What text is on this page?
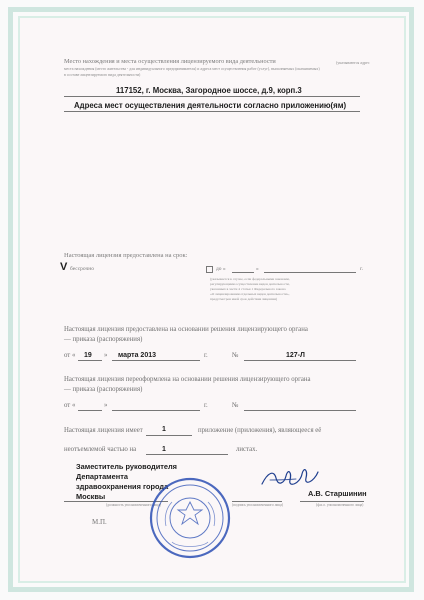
Место нахождения и места осуществления лицензируемого вида деятельности	(указываются адрес
места нахождения (место жительства - для индивидуального предпринимателя) и адреса мест осуществления работ (услуг), выполняемых (оказываемых)
в составе лицензируемого вида деятельности)
117152, г. Москва, Загородное шоссе, д.9, корп.3
Адреса мест осуществления деятельности согласно приложению(ям)
Настоящая лицензия предоставлена на срок:
V бессрочно	до «	»	г.
(указывается в случае, если федеральными законами,
регулирующими осуществление видов деятельности,
указанных в части 4 статьи 1 Федерального закона
«О лицензировании отдельных видов деятельности»,
предусмотрен иной срок действия лицензии)
Настоящая лицензия предоставлена на основании решения лицензирующего органа
— приказа (распоряжения)
от « 19 » марта 2013	г.	№	127-Л
Настоящая лицензия переоформлена на основании решения лицензирующего органа
— приказа (распоряжения)
от «	»	г.	№
Настоящая лицензия имеет	1	приложение (приложения), являющееся её
неотъемлемой частью на	1	листах.
Заместитель руководителя
Департамента
здравоохранения города
Москвы
(должность уполномоченного лица)	(подпись уполномоченного лица)
А.В. Старшинин
(ф.и.о. уполномоченного лица)
М.П.
